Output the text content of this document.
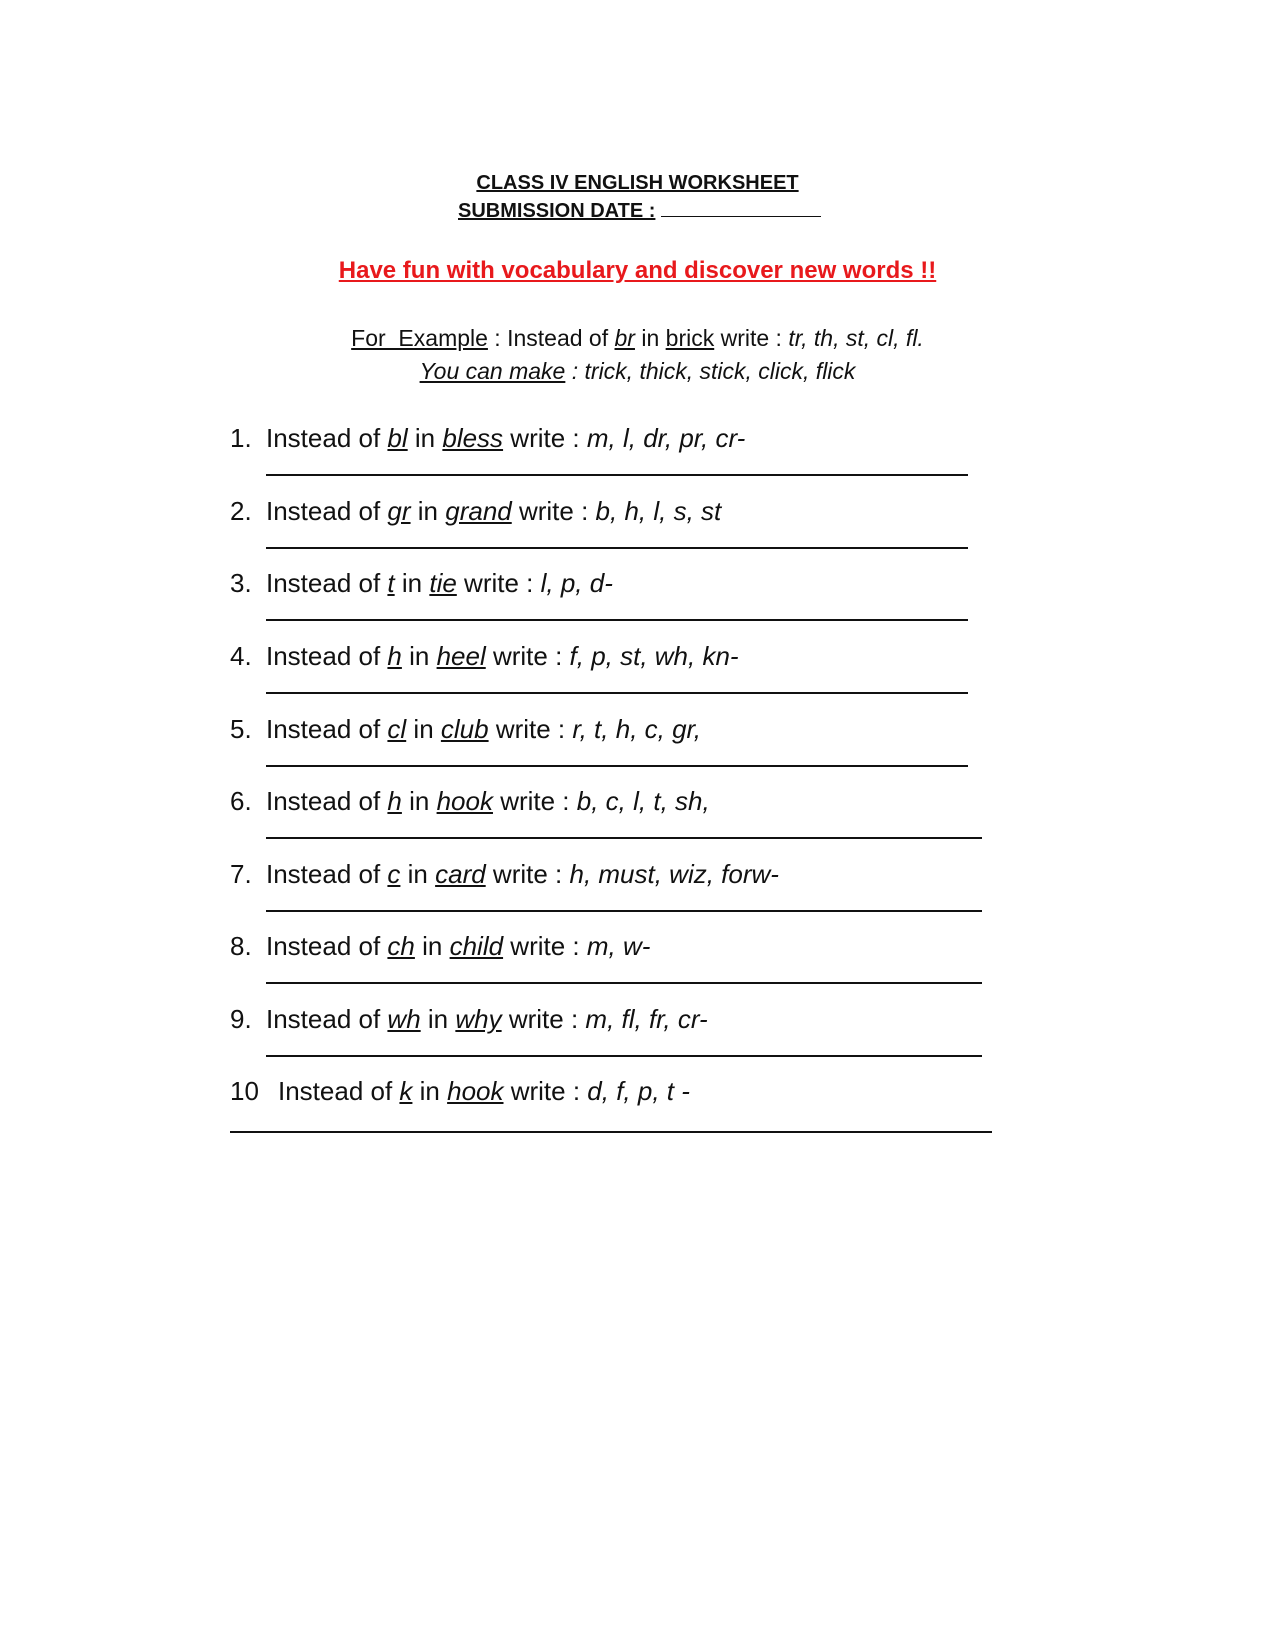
CLASS IV ENGLISH WORKSHEET
SUBMISSION DATE :
Have fun with vocabulary and discover new words !!
For  Example : Instead of br in brick write : tr, th, st, cl, fl.
You can make : trick, thick, stick, click, flick
1. Instead of bl in bless write : m, l, dr, pr, cr-
2. Instead of gr in grand write : b, h, l, s, st
3. Instead of t in tie write : l, p, d-
4. Instead of h in heel write : f, p, st, wh, kn-
5. Instead of cl in club write : r, t, h, c, gr,
6. Instead of h in hook write : b, c, l, t, sh,
7. Instead of c in card write : h, must, wiz, forw-
8. Instead of ch in child write : m, w-
9. Instead of wh in why write : m, fl, fr, cr-
10 Instead of k in hook write : d, f, p, t -
